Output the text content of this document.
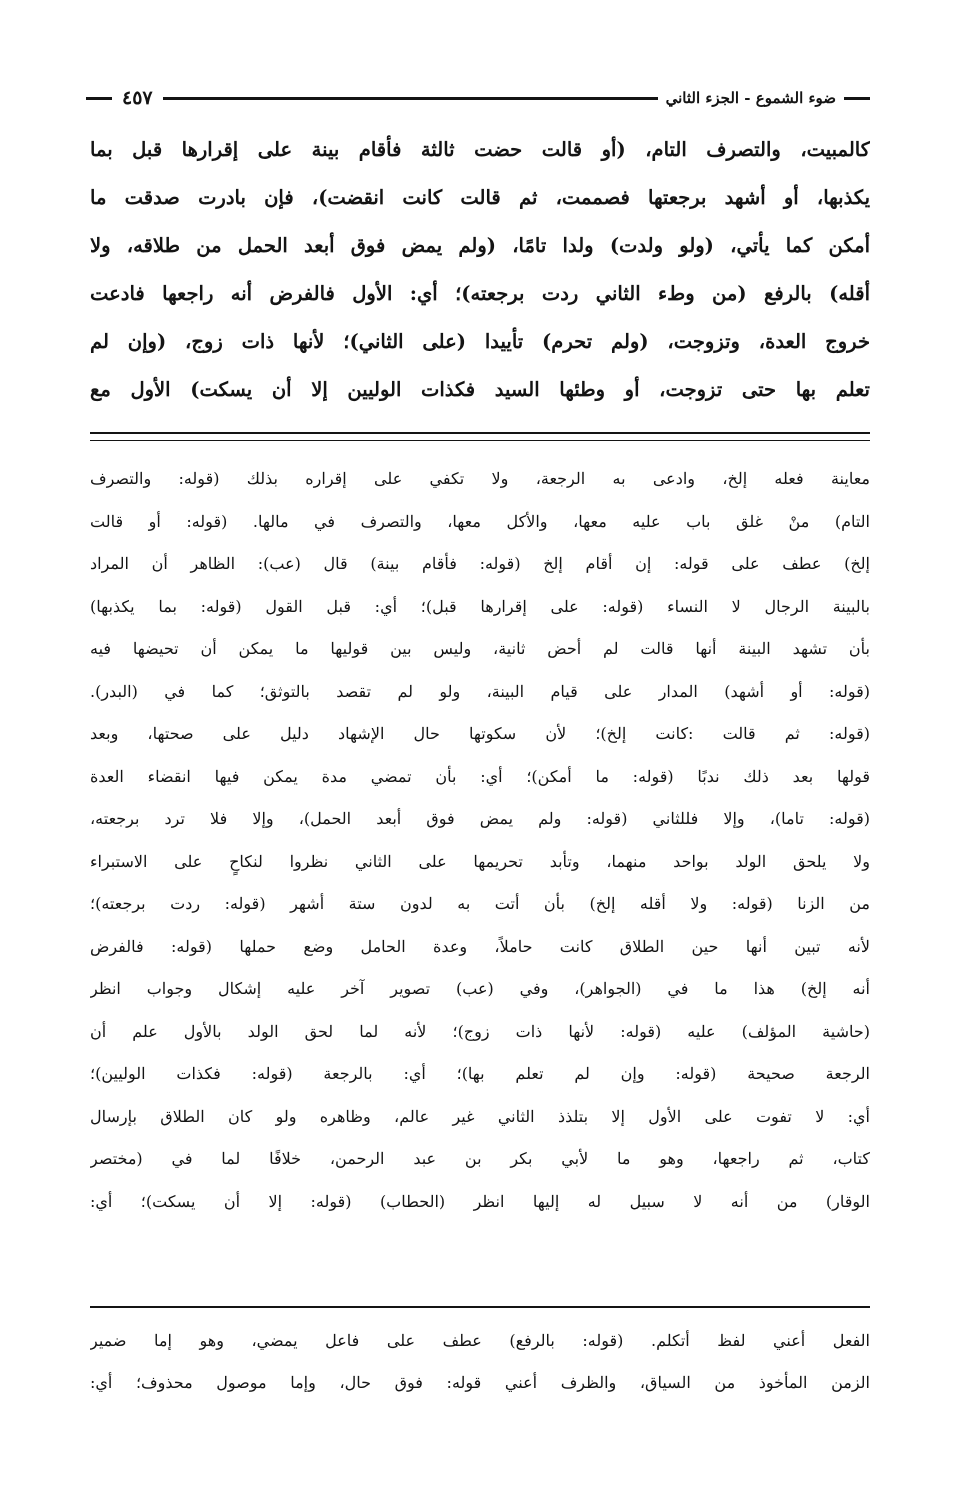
ضوء الشموع - الجزء الثاني
٤٥٧

كالمبيت، والتصرف التام، (أو قالت حضت ثالثة فأقام بينة على إقرارها قبل بما
يكذبها، أو أشهد برجعتها فصممت، ثم قالت كانت انقضت)، فإن بادرت صدقت ما
أمكن كما يأتي، (ولو ولدت) ولدا تامًا، (ولم يمض فوق أبعد الحمل من طلاقه، ولا
أقله) بالرفع (من وطء الثاني ردت برجعته)؛ أي: الأول فالفرض أنه راجعها فادعت
خروج العدة، وتزوجت، (ولم تحرم) تأييدا (على الثاني)؛ لأنها ذات زوج، (وإن لم
تعلم بها حتى تزوجت، أو وطئها السيد فكذات الوليين إلا أن يسكت) الأول مع

معاينة فعله إلخ، وادعى به الرجعة، ولا تكفي على إقراره بذلك (قوله: والتصرف
التام) منْ غلق باب عليه معها، والأكل معها، والتصرف في مالها. (قوله: أو قالت
إلخ) عطف على قوله: إن أقام إلخ (قوله: فأقام بينة) قال (عب): الظاهر أن المراد
بالبينة الرجال لا النساء (قوله: على إقرارها قبل)؛ أي: قبل القول (قوله: بما يكذبها)
بأن تشهد البينة أنها قالت لم أحض ثانية، وليس بين قوليها ما يمكن أن تحيضها فيه
(قوله: أو أشهد) المدار على قيام البينة، ولو لم تقصد بالتوثق؛ كما في (البدر).
(قوله: ثم قالت :كانت إلخ)؛ لأن سكوتها حال الإشهاد دليل على صحتها، وبعد
قولها بعد ذلك ندبًا (قوله: ما أمكن)؛ أي: بأن تمضي مدة يمكن فيها انقضاء العدة
(قوله: تاما)، وإلا فللثاني (قوله: ولم يمض فوق أبعد الحمل)، وإلا فلا ترد برجعته،
ولا يلحق الولد بواحد منهما، وتأبد تحريمها على الثاني نظروا لنكاحٍ على الاستبراء
من الزنا (قوله: ولا أقله إلخ) بأن أتت به لدون ستة أشهر (قوله: ردت برجعته)؛
لأنه تبين أنها حين الطلاق كانت حاملاً، وعدة الحامل وضع حملها (قوله: فالفرض
أنه إلخ) هذا ما في (الجواهر)، وفي (عب) تصوير آخر عليه إشكال وجواب انظر
(حاشية المؤلف) عليه (قوله: لأنها ذات زوج)؛ لأنه لما لحق الولد بالأول علم أن
الرجعة صحيحة (قوله: وإن لم تعلم بها)؛ أي: بالرجعة (قوله: فكذات الوليين)؛
أي: لا تفوت على الأول إلا بتلذذ الثاني غير عالم، وظاهره ولو كان الطلاق بإرسال
كتاب، ثم راجعها، وهو ما لأبي بكر بن عبد الرحمن، خلافًا لما في (مختصر
الوقار) من أنه لا سبيل له إليها انظر (الحطاب) (قوله: إلا أن يسكت)؛ أي:

الفعل أعني لفظ أتكلم. (قوله: بالرفع) عطف على فاعل يمضي، وهو إما ضمير
الزمن المأخوذ من السياق، والظرف أعني قوله: فوق حال، وإما موصول محذوف؛ أي:
